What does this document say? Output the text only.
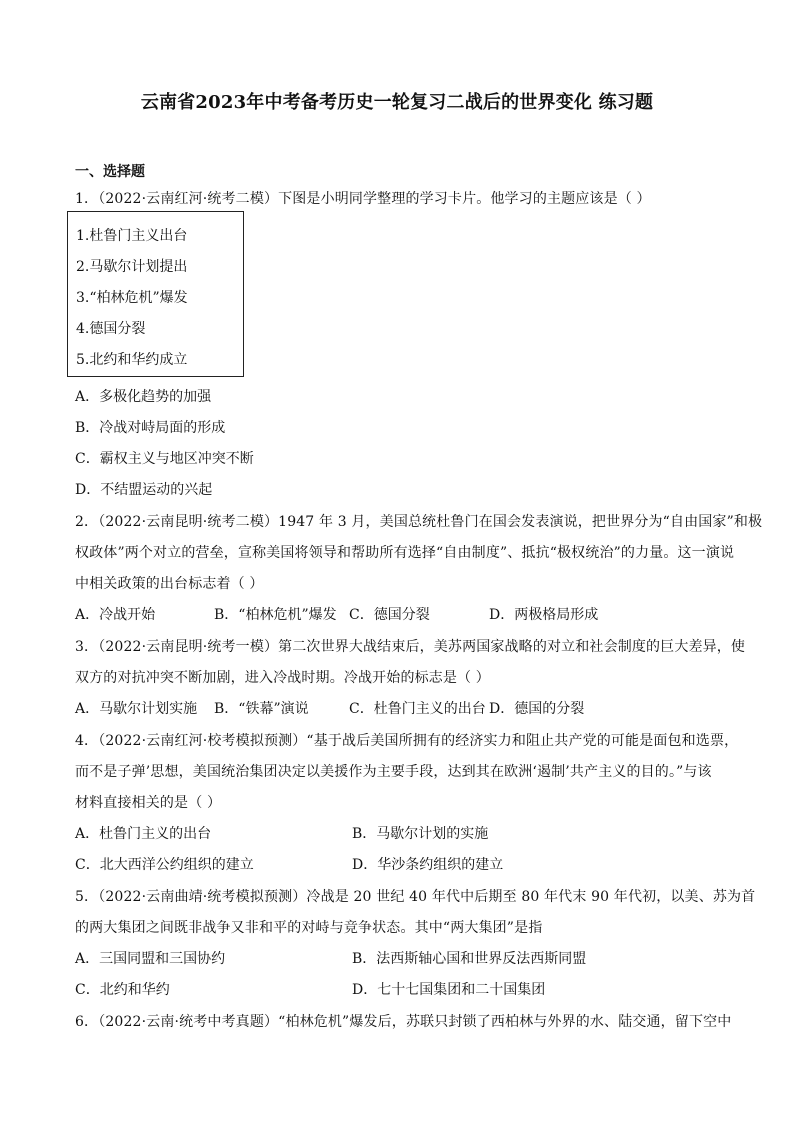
云南省2023年中考备考历史一轮复习二战后的世界变化 练习题
一、选择题
1．（2022·云南红河·统考二模）下图是小明同学整理的学习卡片。他学习的主题应该是（ ）
1.杜鲁门主义出台
2.马歇尔计划提出
3.“柏林危机”爆发
4.德国分裂
5.北约和华约成立
A．多极化趋势的加强
B．冷战对峙局面的形成
C．霸权主义与地区冲突不断
D．不结盟运动的兴起
2．（2022·云南昆明·统考二模）1947 年 3 月，美国总统杜鲁门在国会发表演说，把世界分为“自由国家”和极
权政体”两个对立的营垒，宣称美国将领导和帮助所有选择“自由制度”、抵抗“极权统治”的力量。这一演说
中相关政策的出台标志着（ ）
A．冷战开始	B．“柏林危机”爆发 C．德国分裂	D．两极格局形成
3．（2022·云南昆明·统考一模）第二次世界大战结束后，美苏两国家战略的对立和社会制度的巨大差异，使
双方的对抗冲突不断加剧，进入冷战时期。冷战开始的标志是（ ）
A．马歇尔计划实施 B．“铁幕”演说	C．杜鲁门主义的出台 D．德国的分裂
4．（2022·云南红河·校考模拟预测）“基于战后美国所拥有的经济实力和阻止共产党的可能是面包和选票，
而不是子弹’思想，美国统治集团决定以美援作为主要手段，达到其在欧洲‘遏制’共产主义的目的。”与该
材料直接相关的是（ ）
A．杜鲁门主义的出台	B．马歇尔计划的实施
C．北大西洋公约组织的建立	D．华沙条约组织的建立
5．（2022·云南曲靖·统考模拟预测）冷战是 20 世纪 40 年代中后期至 80 年代末 90 年代初，以美、苏为首
的两大集团之间既非战争又非和平的对峙与竞争状态。其中“两大集团”是指
A．三国同盟和三国协约	B．法西斯轴心国和世界反法西斯同盟
C．北约和华约	D．七十七国集团和二十国集团
6．（2022·云南·统考中考真题）“柏林危机”爆发后，苏联只封锁了西柏林与外界的水、陆交通，留下空中
